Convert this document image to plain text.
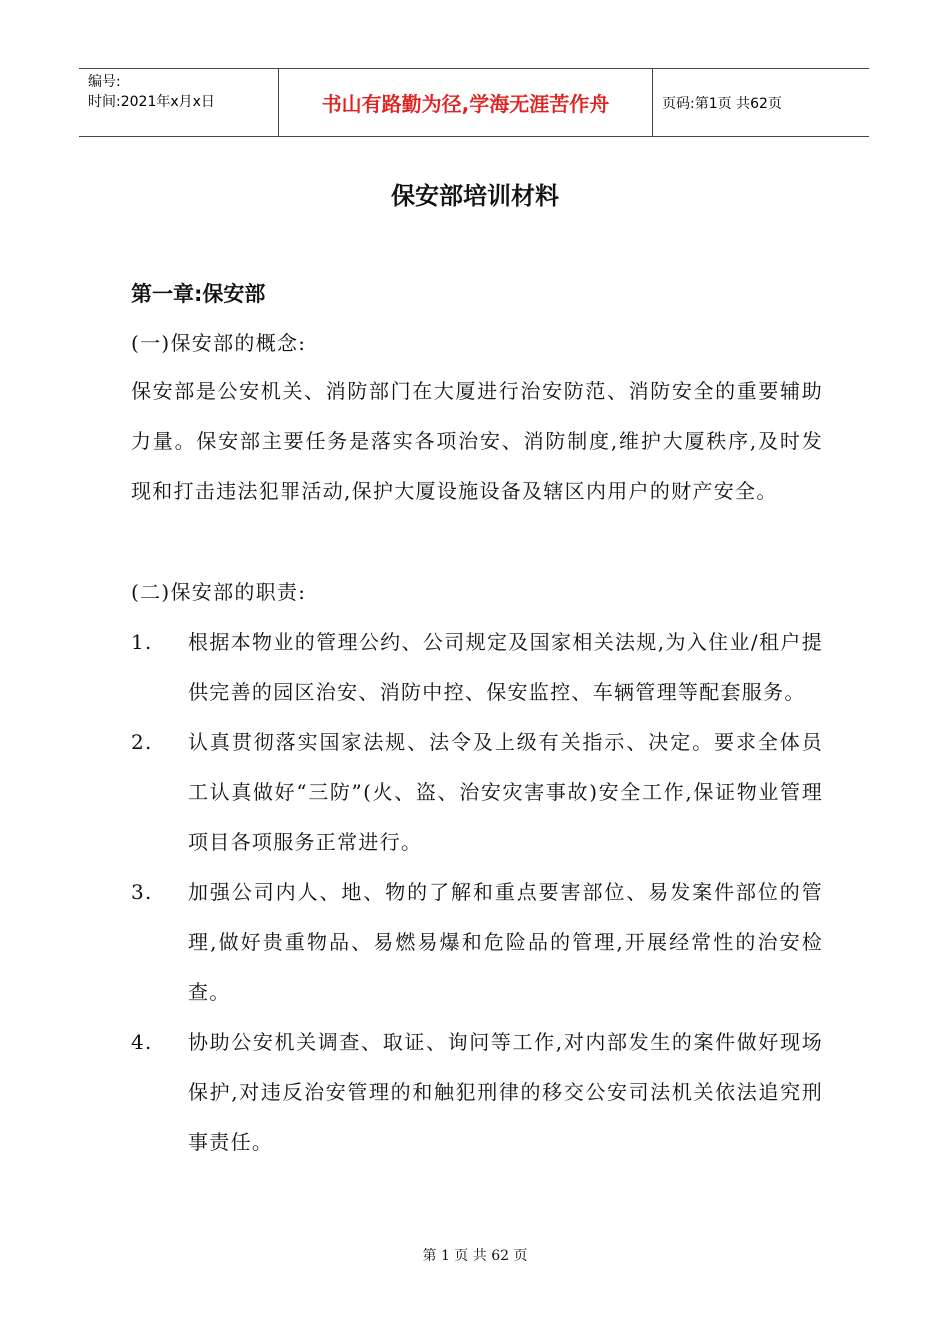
编号:
时间:2021年x月x日	书山有路勤为径,学海无涯苦作舟	页码:第1页 共62页
保安部培训材料
第一章:保安部
(一)保安部的概念:
保安部是公安机关、消防部门在大厦进行治安防范、消防安全的重要辅助力量。保安部主要任务是落实各项治安、消防制度,维护大厦秩序,及时发现和打击违法犯罪活动,保护大厦设施设备及辖区内用户的财产安全。
(二)保安部的职责:
1.	根据本物业的管理公约、公司规定及国家相关法规,为入住业/租户提供完善的园区治安、消防中控、保安监控、车辆管理等配套服务。
2.	认真贯彻落实国家法规、法令及上级有关指示、决定。要求全体员工认真做好“三防”(火、盗、治安灾害事故)安全工作,保证物业管理项目各项服务正常进行。
3.	加强公司内人、地、物的了解和重点要害部位、易发案件部位的管理,做好贵重物品、易燃易爆和危险品的管理,开展经常性的治安检查。
4.	协助公安机关调查、取证、询问等工作,对内部发生的案件做好现场保护,对违反治安管理的和触犯刑律的移交公安司法机关依法追究刑事责任。
第 1 页 共 62 页
